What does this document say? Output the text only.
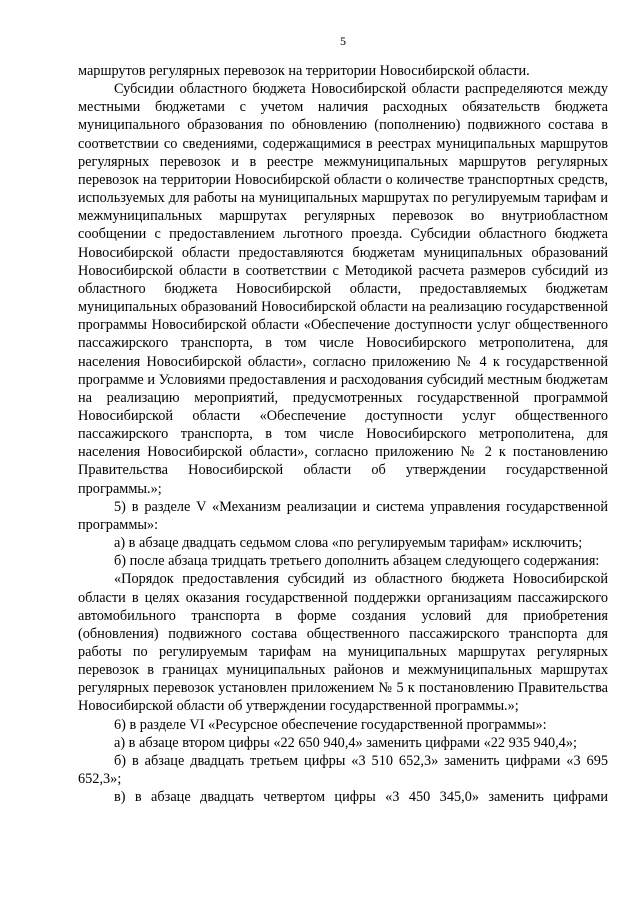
5

маршрутов регулярных перевозок на территории Новосибирской области.

Субсидии областного бюджета Новосибирской области распределяются между местными бюджетами с учетом наличия расходных обязательств бюджета муниципального образования по обновлению (пополнению) подвижного состава в соответствии со сведениями, содержащимися в реестрах муниципальных маршрутов регулярных перевозок и в реестре межмуниципальных маршрутов регулярных перевозок на территории Новосибирской области о количестве транспортных средств, используемых для работы на муниципальных маршрутах по регулируемым тарифам и межмуниципальных маршрутах регулярных перевозок во внутриобластном сообщении с предоставлением льготного проезда. Субсидии областного бюджета Новосибирской области предоставляются бюджетам муниципальных образований Новосибирской области в соответствии с Методикой расчета размеров субсидий из областного бюджета Новосибирской области, предоставляемых бюджетам муниципальных образований Новосибирской области на реализацию государственной программы Новосибирской области «Обеспечение доступности услуг общественного пассажирского транспорта, в том числе Новосибирского метрополитена, для населения Новосибирской области», согласно приложению № 4 к государственной программе и Условиями предоставления и расходования субсидий местным бюджетам на реализацию мероприятий, предусмотренных государственной программой Новосибирской области «Обеспечение доступности услуг общественного пассажирского транспорта, в том числе Новосибирского метрополитена, для населения Новосибирской области», согласно приложению № 2 к постановлению Правительства Новосибирской области об утверждении государственной программы.»;

5) в разделе V «Механизм реализации и система управления государственной программы»:

а) в абзаце двадцать седьмом слова «по регулируемым тарифам» исключить;

б) после абзаца тридцать третьего дополнить абзацем следующего содержания:

«Порядок предоставления субсидий из областного бюджета Новосибирской области в целях оказания государственной поддержки организациям пассажирского автомобильного транспорта в форме создания условий для приобретения (обновления) подвижного состава общественного пассажирского транспорта для работы по регулируемым тарифам на муниципальных маршрутах регулярных перевозок в границах муниципальных районов и межмуниципальных маршрутах регулярных перевозок установлен приложением № 5 к постановлению Правительства Новосибирской области об утверждении государственной программы.»;

6) в разделе VI «Ресурсное обеспечение государственной программы»:

а) в абзаце втором цифры «22 650 940,4» заменить цифрами «22 935 940,4»;

б) в абзаце двадцать третьем цифры «3 510 652,3» заменить цифрами «3 695 652,3»;

в) в абзаце двадцать четвертом цифры «3 450 345,0» заменить цифрами
